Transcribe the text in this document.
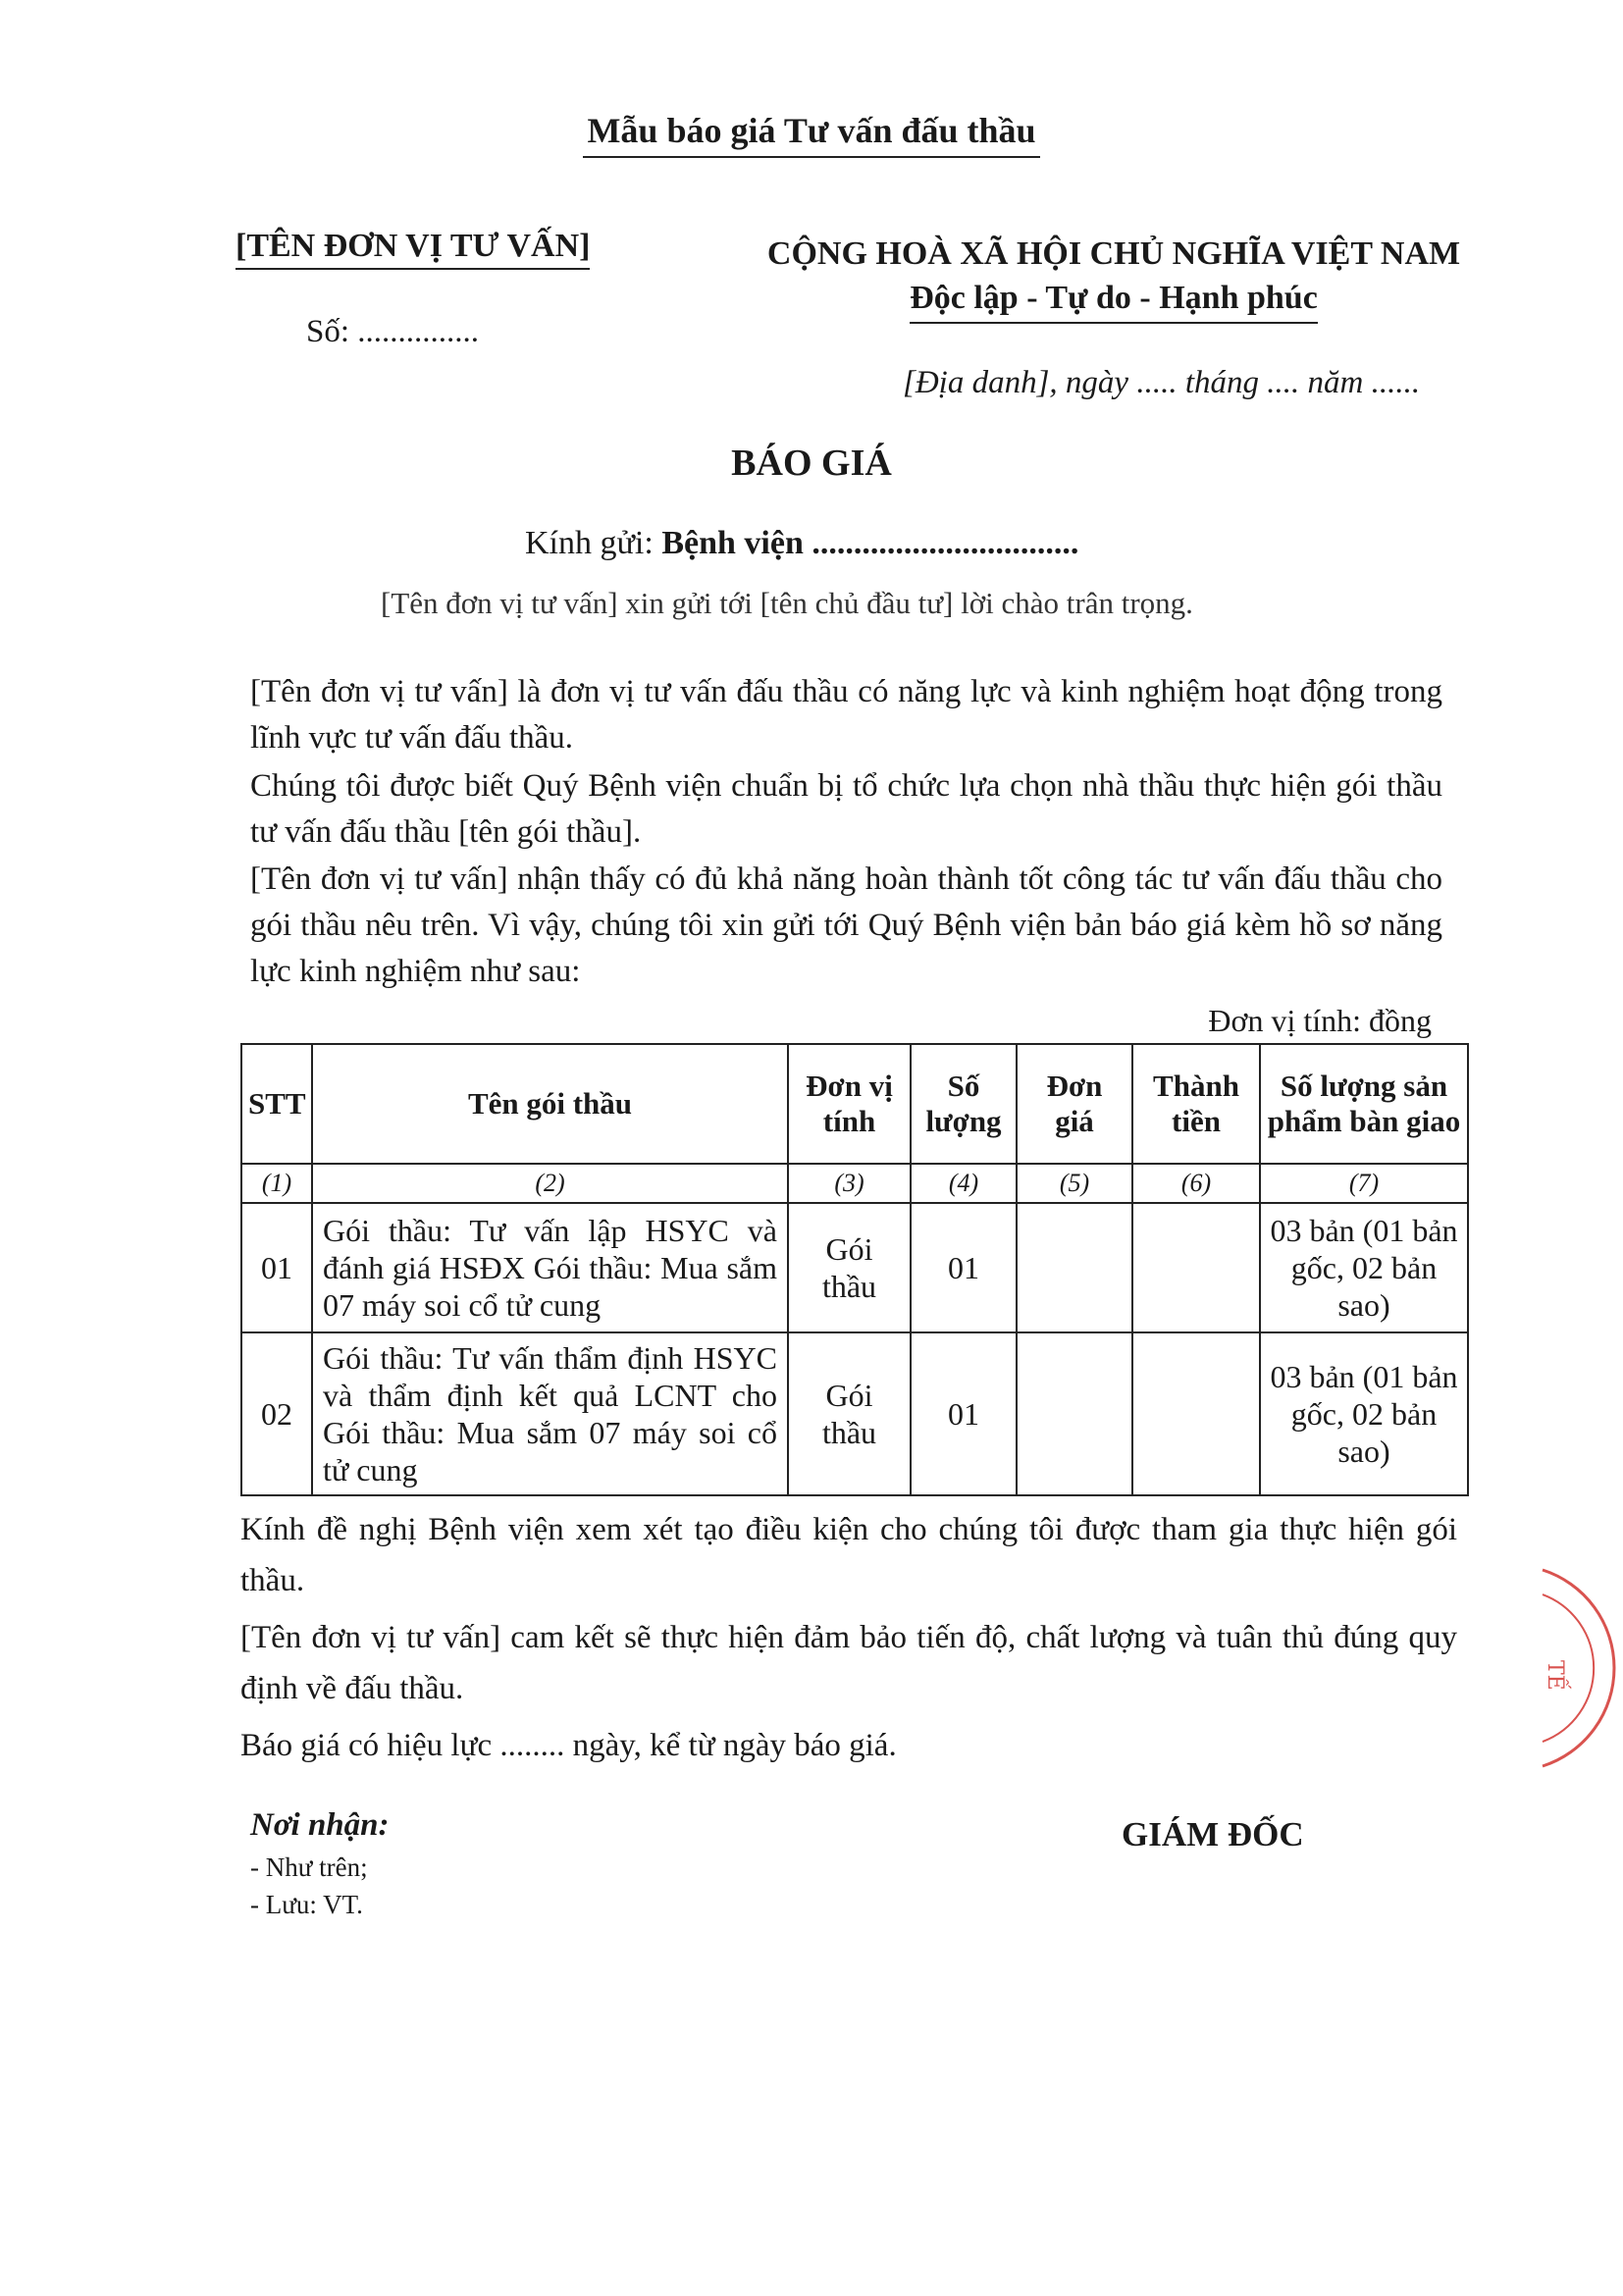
Mẫu báo giá Tư vấn đấu thầu
[TÊN ĐƠN VỊ TƯ VẤN]
Số: ...............
CỘNG HOÀ XÃ HỘI CHỦ NGHĨA VIỆT NAM
Độc lập - Tự do - Hạnh phúc
[Địa danh], ngày ..... tháng .... năm ......
BÁO GIÁ
Kính gửi: Bệnh viện ................................
[Tên đơn vị tư vấn] xin gửi tới [tên chủ đầu tư] lời chào trân trọng.
[Tên đơn vị tư vấn] là đơn vị tư vấn đấu thầu có năng lực và kinh nghiệm hoạt động trong lĩnh vực tư vấn đấu thầu.
Chúng tôi được biết Quý Bệnh viện chuẩn bị tổ chức lựa chọn nhà thầu thực hiện gói thầu tư vấn đấu thầu [tên gói thầu].
[Tên đơn vị tư vấn] nhận thấy có đủ khả năng hoàn thành tốt công tác tư vấn đấu thầu cho gói thầu nêu trên. Vì vậy, chúng tôi xin gửi tới Quý Bệnh viện bản báo giá kèm hồ sơ năng lực kinh nghiệm như sau:
Đơn vị tính: đồng
STT	Tên gói thầu	Đơn vị tính	Số lượng	Đơn giá	Thành tiền	Số lượng sản phẩm bàn giao
(1)	(2)	(3)	(4)	(5)	(6)	(7)
01	Gói thầu: Tư vấn lập HSYC và đánh giá HSĐX Gói thầu: Mua sắm 07 máy soi cổ tử cung	Gói thầu	01			03 bản (01 bản gốc, 02 bản sao)
02	Gói thầu: Tư vấn thẩm định HSYC và thẩm định kết quả LCNT cho Gói thầu: Mua sắm 07 máy soi cổ tử cung	Gói thầu	01			03 bản (01 bản gốc, 02 bản sao)
Kính đề nghị Bệnh viện xem xét tạo điều kiện cho chúng tôi được tham gia thực hiện gói thầu.
[Tên đơn vị tư vấn] cam kết sẽ thực hiện đảm bảo tiến độ, chất lượng và tuân thủ đúng quy định về đấu thầu.
Báo giá có hiệu lực ........ ngày, kể từ ngày báo giá.
Nơi nhận:
- Như trên;
- Lưu: VT.
GIÁM ĐỐC
TẾ
